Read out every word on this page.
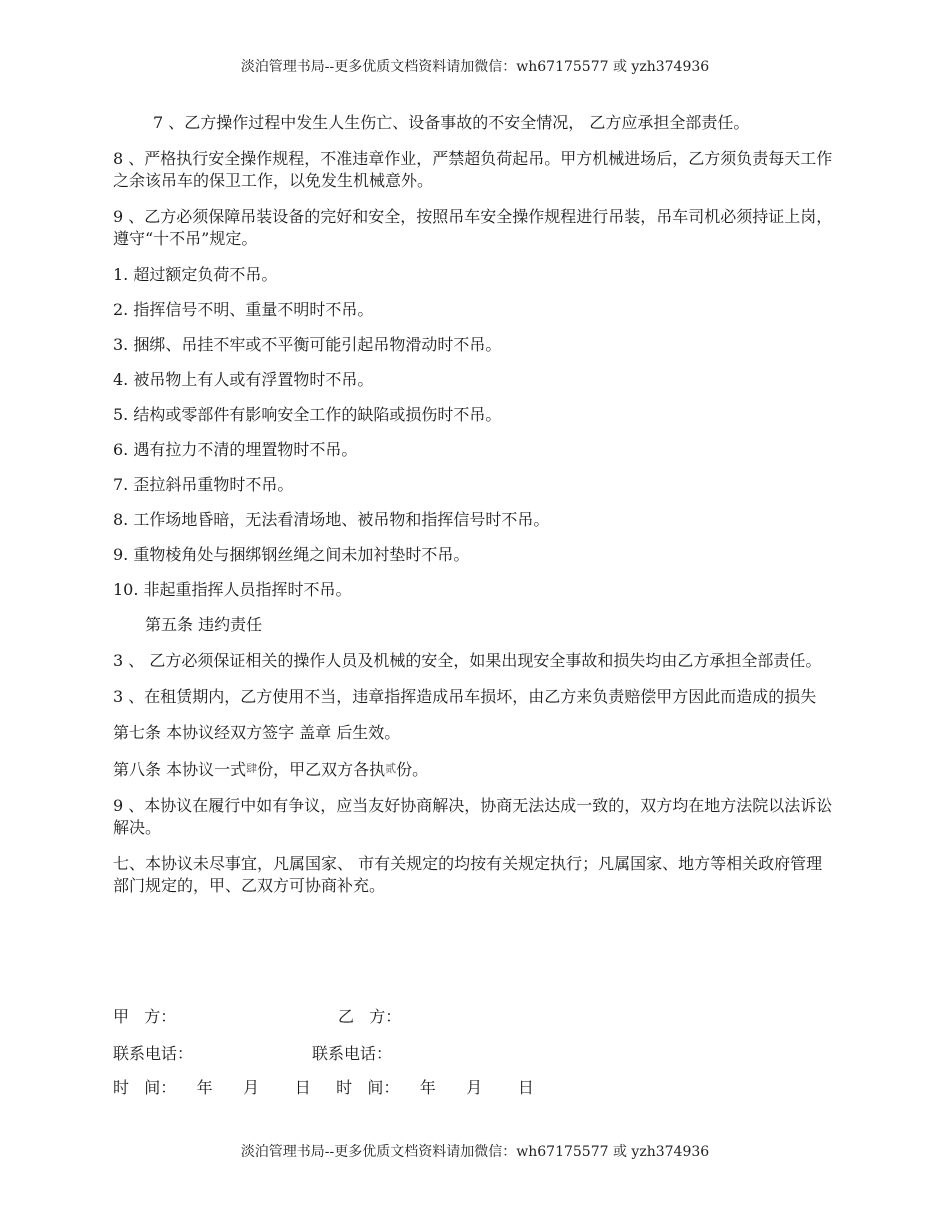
淡泊管理书局--更多优质文档资料请加微信：wh67175577 或 yzh374936

7 、乙方操作过程中发生人生伤亡、设备事故的不安全情况， 乙方应承担全部责任。

8 、严格执行安全操作规程，不准违章作业，严禁超负荷起吊。甲方机械进场后，乙方须负责每天工作之余该吊车的保卫工作，以免发生机械意外。

9 、乙方必须保障吊装设备的完好和安全，按照吊车安全操作规程进行吊装，吊车司机必须持证上岗，遵守“十不吊”规定。

1. 超过额定负荷不吊。

2. 指挥信号不明、重量不明时不吊。

3. 捆绑、吊挂不牢或不平衡可能引起吊物滑动时不吊。

4. 被吊物上有人或有浮置物时不吊。

5. 结构或零部件有影响安全工作的缺陷或损伤时不吊。

6. 遇有拉力不清的埋置物时不吊。

7. 歪拉斜吊重物时不吊。

8. 工作场地昏暗，无法看清场地、被吊物和指挥信号时不吊。

9. 重物棱角处与捆绑钢丝绳之间未加衬垫时不吊。

10. 非起重指挥人员指挥时不吊。

第五条 违约责任

3 、 乙方必须保证相关的操作人员及机械的安全，如果出现安全事故和损失均由乙方承担全部责任。

3 、在租赁期内，乙方使用不当，违章指挥造成吊车损坏，由乙方来负责赔偿甲方因此而造成的损失

第七条 本协议经双方签字 盖章 后生效。

第八条 本协议一式肆份，甲乙双方各执贰份。

9 、本协议在履行中如有争议，应当友好协商解决，协商无法达成一致的，双方均在地方法院以法诉讼解决。

七、本协议未尽事宜，凡属国家、 市有关规定的均按有关规定执行；凡属国家、地方等相关政府管理部门规定的，甲、乙双方可协商补充。

甲   方：	乙   方：
联系电话：	联系电话：
时   间：    年      月       日     时   间：    年      月       日
淡泊管理书局--更多优质文档资料请加微信：wh67175577 或 yzh374936
